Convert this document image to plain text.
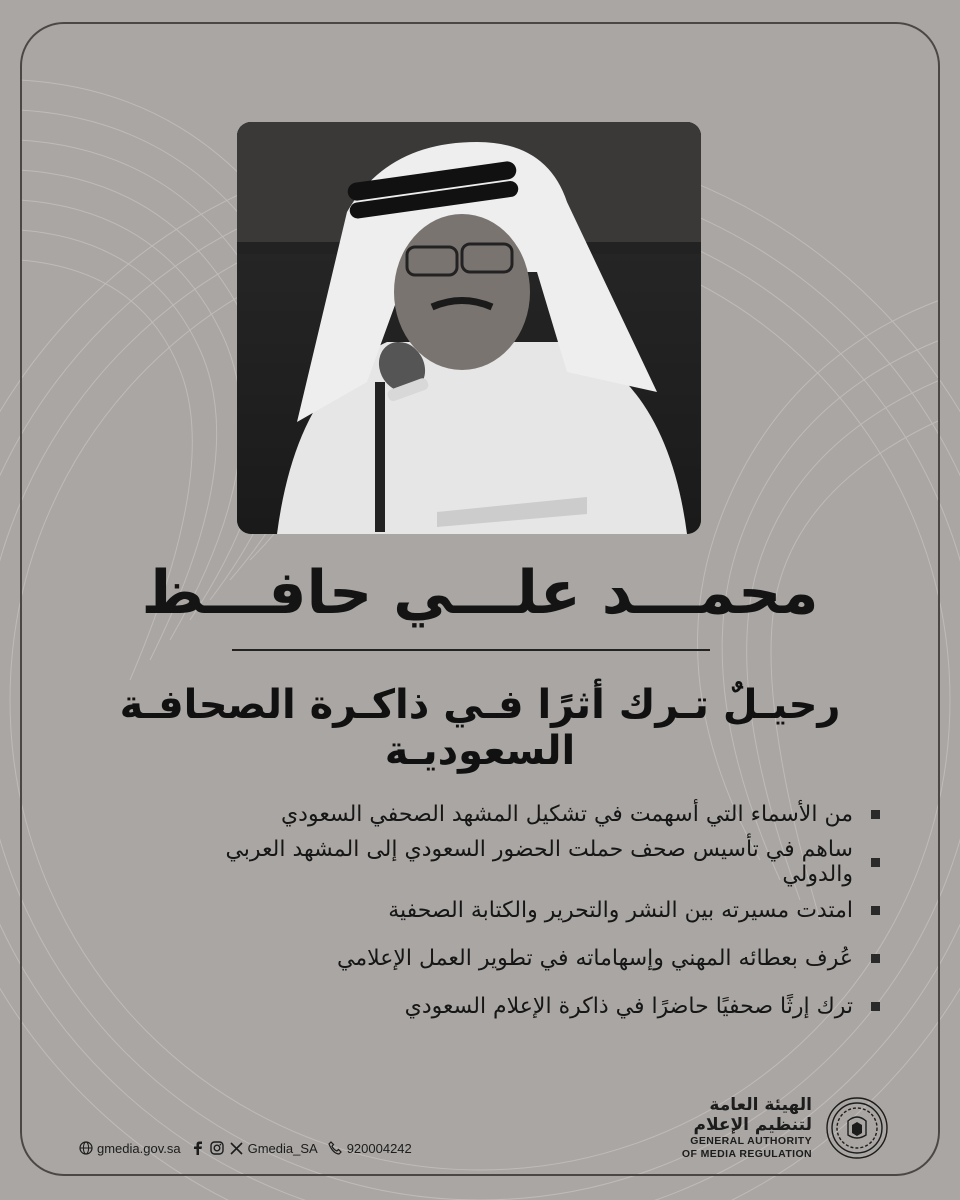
محمـــد علـــي حافـــظ
رحيـلٌ تـرك أثرًا فـي ذاكـرة الصحافـة السعوديـة
من الأسماء التي أسهمت في تشكيل المشهد الصحفي السعودي
ساهم في تأسيس صحف حملت الحضور السعودي إلى المشهد العربي والدولي
امتدت مسيرته بين النشر والتحرير والكتابة الصحفية
عُرف بعطائه المهني وإسهاماته في تطوير العمل الإعلامي
ترك إرثًا صحفيًا حاضرًا في ذاكرة الإعلام السعودي
gmedia.gov.sa	Gmedia_SA 920004242
الهيئة العامة
لتنظيم الإعلام
GENERAL AUTHORITY
OF MEDIA REGULATION
